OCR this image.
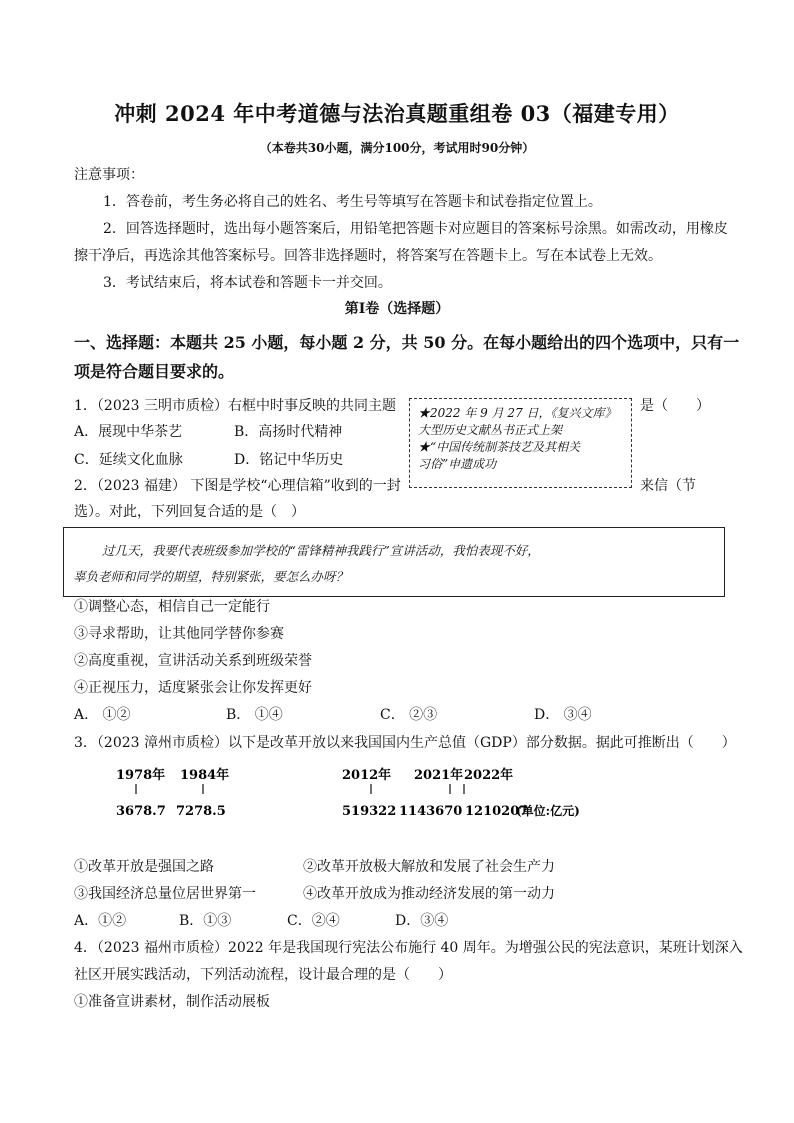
冲刺 2024 年中考道德与法治真题重组卷 03（福建专用）
（本卷共30小题，满分100分，考试用时90分钟）
注意事项：
1．答卷前，考生务必将自己的姓名、考生号等填写在答题卡和试卷指定位置上。
2．回答选择题时，选出每小题答案后，用铅笔把答题卡对应题目的答案标号涂黑。如需改动，用橡皮
擦干净后，再选涂其他答案标号。回答非选择题时，将答案写在答题卡上。写在本试卷上无效。
3．考试结束后，将本试卷和答题卡一并交回。
第Ⅰ卷（选择题）
一、选择题：本题共 25 小题，每小题 2 分，共 50 分。在每小题给出的四个选项中，只有一
项是符合题目要求的。
1．（2023 三明市质检）右框中时事反映的共同主题	是（　　）
A．展现中华茶艺	B．高扬时代精神
C．延续文化血脉	D．铭记中华历史
★2022 年 9 月 27 日，《复兴文库》
大型历史文献丛书正式上架
★“中国传统制茶技艺及其相关
习俗”申遗成功
2．（2023 福建） 下图是学校“心理信箱”收到的一封	来信（节
选）。对此，下列回复合适的是（　）
过几天，我要代表班级参加学校的“雷锋精神我践行”宣讲活动，我怕表现不好，
辜负老师和同学的期望，特别紧张，要怎么办呀？
①调整心态，相信自己一定能行
③寻求帮助，让其他同学替你参赛
②高度重视，宣讲活动关系到班级荣誉
④正视压力，适度紧张会让你发挥更好
A． ①②	B． ①④	C． ②③	D． ③④
3．（2023 漳州市质检）以下是改革开放以来我国国内生产总值（GDP）部分数据。据此可推断出（　　）
1978年 1984年	2012年 2021年 2022年
3678.7 7278.5	519322 1143670 1210207
(单位:亿元)
①改革开放是强国之路	②改革开放极大解放和发展了社会生产力
③我国经济总量位居世界第一	④改革开放成为推动经济发展的第一动力
A．①②	B．①③	C．②④	D．③④
4．（2023 福州市质检）2022 年是我国现行宪法公布施行 40 周年。为增强公民的宪法意识，某班计划深入
社区开展实践活动，下列活动流程，设计最合理的是（　　）
①准备宣讲素材，制作活动展板
